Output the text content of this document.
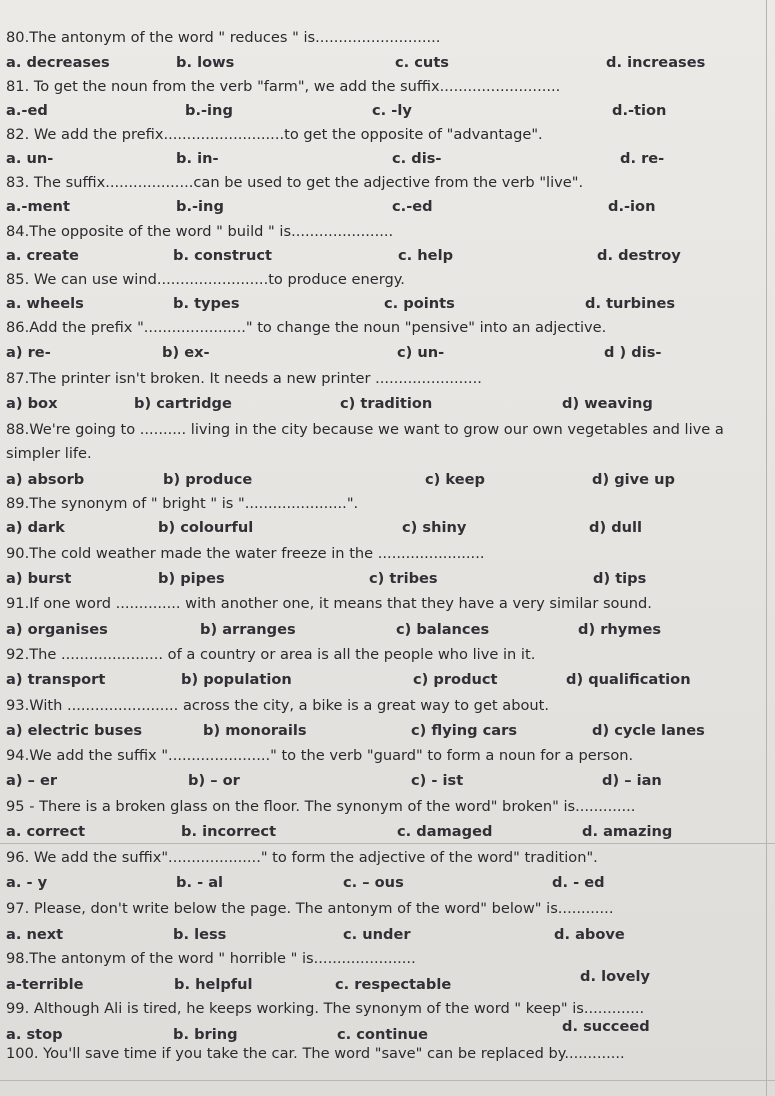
80.The antonym of the word " reduces " is...........................
a. decreases	b. lows	c. cuts	d. increases
81. To get the noun from the verb "farm", we add the suffix..........................
a.-ed	b.-ing	c. -ly	d.-tion
82. We add the prefix..........................to get the opposite of "advantage".
a. un-	b. in-	c. dis-	d. re-
83. The suffix...................can be used to get the adjective from the verb "live".
a.-ment	b.-ing	c.-ed	d.-ion
84.The opposite of the word " build " is......................
a. create	b. construct	c. help	d. destroy
85. We can use wind........................to produce energy.
a. wheels	b. types	c. points	d. turbines
86.Add the prefix "......................" to change the noun "pensive" into an adjective.
a) re-	b) ex-	c) un-	d ) dis-
87.The printer isn't broken. It needs a new printer .......................
a) box	b) cartridge	c) tradition	d) weaving
88.We're going to .......... living in the city because we want to grow our own vegetables and live a simpler life.
a) absorb	b) produce	c) keep	d) give up
89.The synonym of " bright " is "......................".
a) dark	b) colourful	c) shiny	d) dull
90.The cold weather made the water freeze in the .......................
a) burst	b) pipes	c) tribes	d) tips
91.If one word .............. with another one, it means that they have a very similar sound.
a) organises	b) arranges	c) balances	d) rhymes
92.The ...................... of a country or area is all the people who live in it.
a) transport	b) population	c) product	d) qualification
93.With ........................ across the city, a bike is a great way to get about.
a) electric buses	b) monorails	c) flying cars	d) cycle lanes
94.We add the suffix "......................" to the verb "guard" to form a noun for a person.
a) – er	b) – or	c) - ist	d) – ian
95 - There is a broken glass on the floor. The synonym of the word" broken" is.............
a. correct	b. incorrect	c. damaged	d. amazing
96. We add the suffix"...................." to form the adjective of the word" tradition".
a. - y	b. - al	c. – ous	d. - ed
97. Please, don't write below the page. The antonym of the word" below" is............
a. next	b. less	c. under	d. above
98.The antonym of the word " horrible " is......................
a-terrible	b. helpful	c. respectable	d. lovely
99. Although Ali is tired, he keeps working. The synonym of the word " keep" is.............
a. stop	b. bring	c. continue	d. succeed
100. You'll save time if you take the car. The word "save" can be replaced by.............
